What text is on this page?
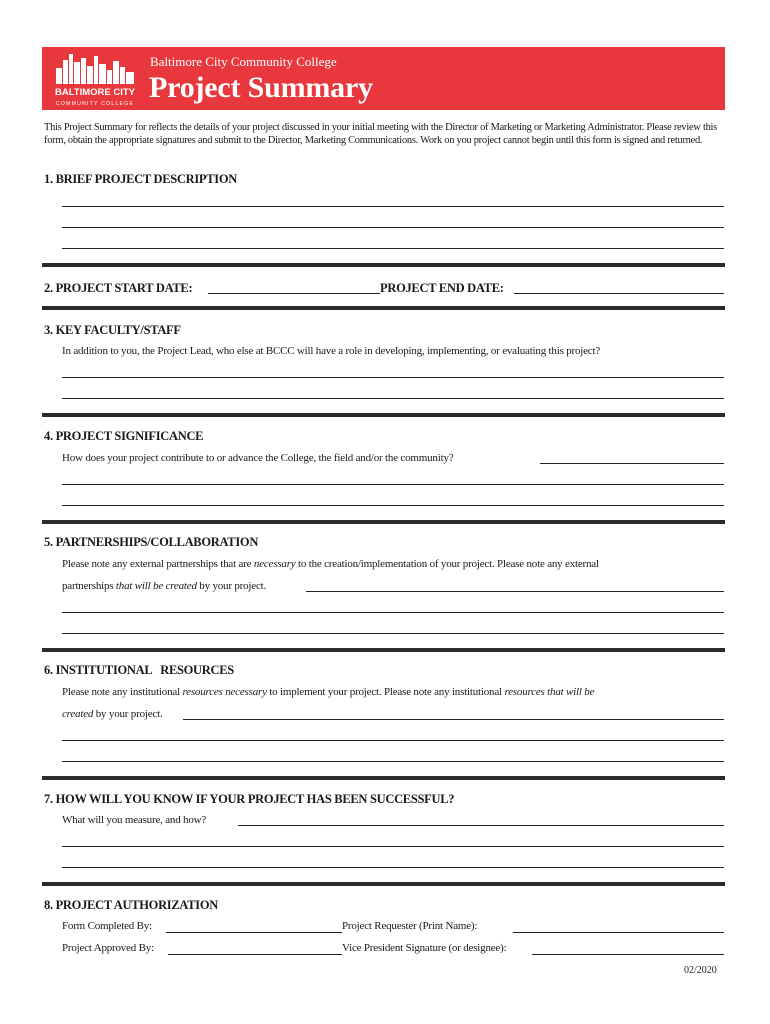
BALTIMORE CITY
COMMUNITY COLLEGE
Baltimore City Community College
Project Summary
This Project Summary for reflects the details of your project discussed in your initial meeting with the Director of Marketing or Marketing Administrator. Please review this form, obtain the appropriate signatures and submit to the Director, Marketing Communications. Work on you project cannot begin until this form is signed and returned.
1. BRIEF PROJECT DESCRIPTION
2. PROJECT START DATE:	PROJECT END DATE:
3. KEY FACULTY/STAFF
In addition to you, the Project Lead, who else at BCCC will have a role in developing, implementing, or evaluating this project?
4. PROJECT SIGNIFICANCE
How does your project contribute to or advance the College, the field and/or the community?
5. PARTNERSHIPS/COLLABORATION
Please note any external partnerships that are necessary to the creation/implementation of your project. Please note any external
partnerships that will be created by your project.
6. INSTITUTIONAL   RESOURCES
Please note any institutional resources necessary to implement your project. Please note any institutional resources that will be
created by your project.
7. HOW WILL YOU KNOW IF YOUR PROJECT HAS BEEN SUCCESSFUL?
What will you measure, and how?
8. PROJECT AUTHORIZATION
Form Completed By:	Project Requester (Print Name):
Project Approved By:	Vice President Signature (or designee):
02/2020
